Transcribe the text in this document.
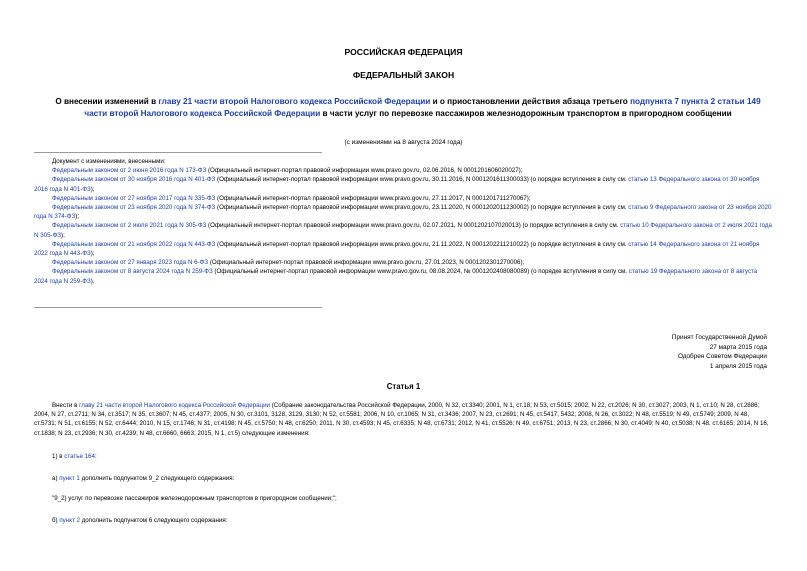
РОССИЙСКАЯ ФЕДЕРАЦИЯ
ФЕДЕРАЛЬНЫЙ ЗАКОН
О внесении изменений в главу 21 части второй Налогового кодекса Российской Федерации и о приостановлении действия абзаца третьего подпункта 7 пункта 2 статьи 149 части второй Налогового кодекса Российской Федерации в части услуг по перевозке пассажиров железнодорожным транспортом в пригородном сообщении
(с изменениями на 8 августа 2024 года)
Документ с изменениями, внесенными:
Федеральным законом от 2 июня 2016 года N 173-ФЗ (Официальный интернет-портал правовой информации www.pravo.gov.ru, 02.06.2016, N 0001201606020027);
Федеральным законом от 30 ноября 2016 года N 401-ФЗ (Официальный интернет-портал правовой информации www.pravo.gov.ru, 30.11.2016, N 0001201611300033) (о порядке вступления в силу см. статью 13 Федерального закона от 30 ноября 2016 года N 401-ФЗ);
Федеральным законом от 27 ноября 2017 года N 335-ФЗ (Официальный интернет-портал правовой информации www.pravo.gov.ru, 27.11.2017, N 0001201711270067);
Федеральным законом от 23 ноября 2020 года N 374-ФЗ (Официальный интернет-портал правовой информации www.pravo.gov.ru, 23.11.2020, N 0001202011230002) (о порядке вступления в силу см. статью 9 Федерального закона от 23 ноября 2020 года N 374-ФЗ);
Федеральным законом от 2 июля 2021 года N 305-ФЗ (Официальный интернет-портал правовой информации www.pravo.gov.ru, 02.07.2021, N 0001202107020013) (о порядке вступления в силу см. статью 10 Федерального закона от 2 июля 2021 года N 305-ФЗ);
Федеральным законом от 21 ноября 2022 года N 443-ФЗ (Официальный интернет-портал правовой информации www.pravo.gov.ru, 21.11.2022, N 0001202211210022) (о порядке вступления в силу см. статью 14 Федерального закона от 21 ноября 2022 года N 443-ФЗ);
Федеральным законом от 27 января 2023 года N 6-ФЗ (Официальный интернет-портал правовой информации www.pravo.gov.ru, 27.01.2023, N 0001202301270006);
Федеральным законом от 8 августа 2024 года N 259-ФЗ (Официальный интернет-портал правовой информации www.pravo.gov.ru, 08.08.2024, № 0001202408080089) (о порядке вступления в силу см. статью 19 Федерального закона от 8 августа 2024 года N 259-ФЗ).
Принят Государственной Думой
27 марта 2015 года
Одобрен Советом Федерации
1 апреля 2015 года
Статья 1
Внести в главу 21 части второй Налогового кодекса Российской Федерации (Собрание законодательства Российской Федерации, 2000, N 32, ст.3340; 2001, N 1, ст.18; N 53, ст.5015; 2002, N 22, ст.2026; N 30, ст.3027; 2003, N 1, ст.10; N 28, ст.2886; 2004, N 27, ст.2711; N 34, ст.3517; N 35, ст.3607; N 45, ст.4377; 2005, N 30, ст.3101, 3128, 3129, 3130; N 52, ст.5581; 2006, N 10, ст.1065; N 31, ст.3436; 2007, N 23, ст.2691; N 45, ст.5417, 5432; 2008, N 26, ст.3022; N 48, ст.5519; N 49, ст.5749; 2009, N 48, ст.5731; N 51, ст.6155; N 52, ст.6444; 2010, N 15, ст.1746; N 31, ст.4198; N 45, ст.5750; N 48, ст.6250; 2011, N 30, ст.4593; N 45, ст.6335; N 48, ст.6731; 2012, N 41, ст.5526; N 49, ст.6751; 2013, N 23, ст.2866; N 30, ст.4049; N 40, ст.5038; N 48, ст.6165; 2014, N 16, ст.1838; N 23, ст.2936; N 30, ст.4239; N 48, ст.6660, 6663; 2015, N 1, ст.5) следующие изменения:
1) в статье 164:
а) пункт 1 дополнить подпунктом 9_2 следующего содержания:
"9_2) услуг по перевозке пассажиров железнодорожным транспортом в пригородном сообщении;";
б) пункт 2 дополнить подпунктом 6 следующего содержания:
